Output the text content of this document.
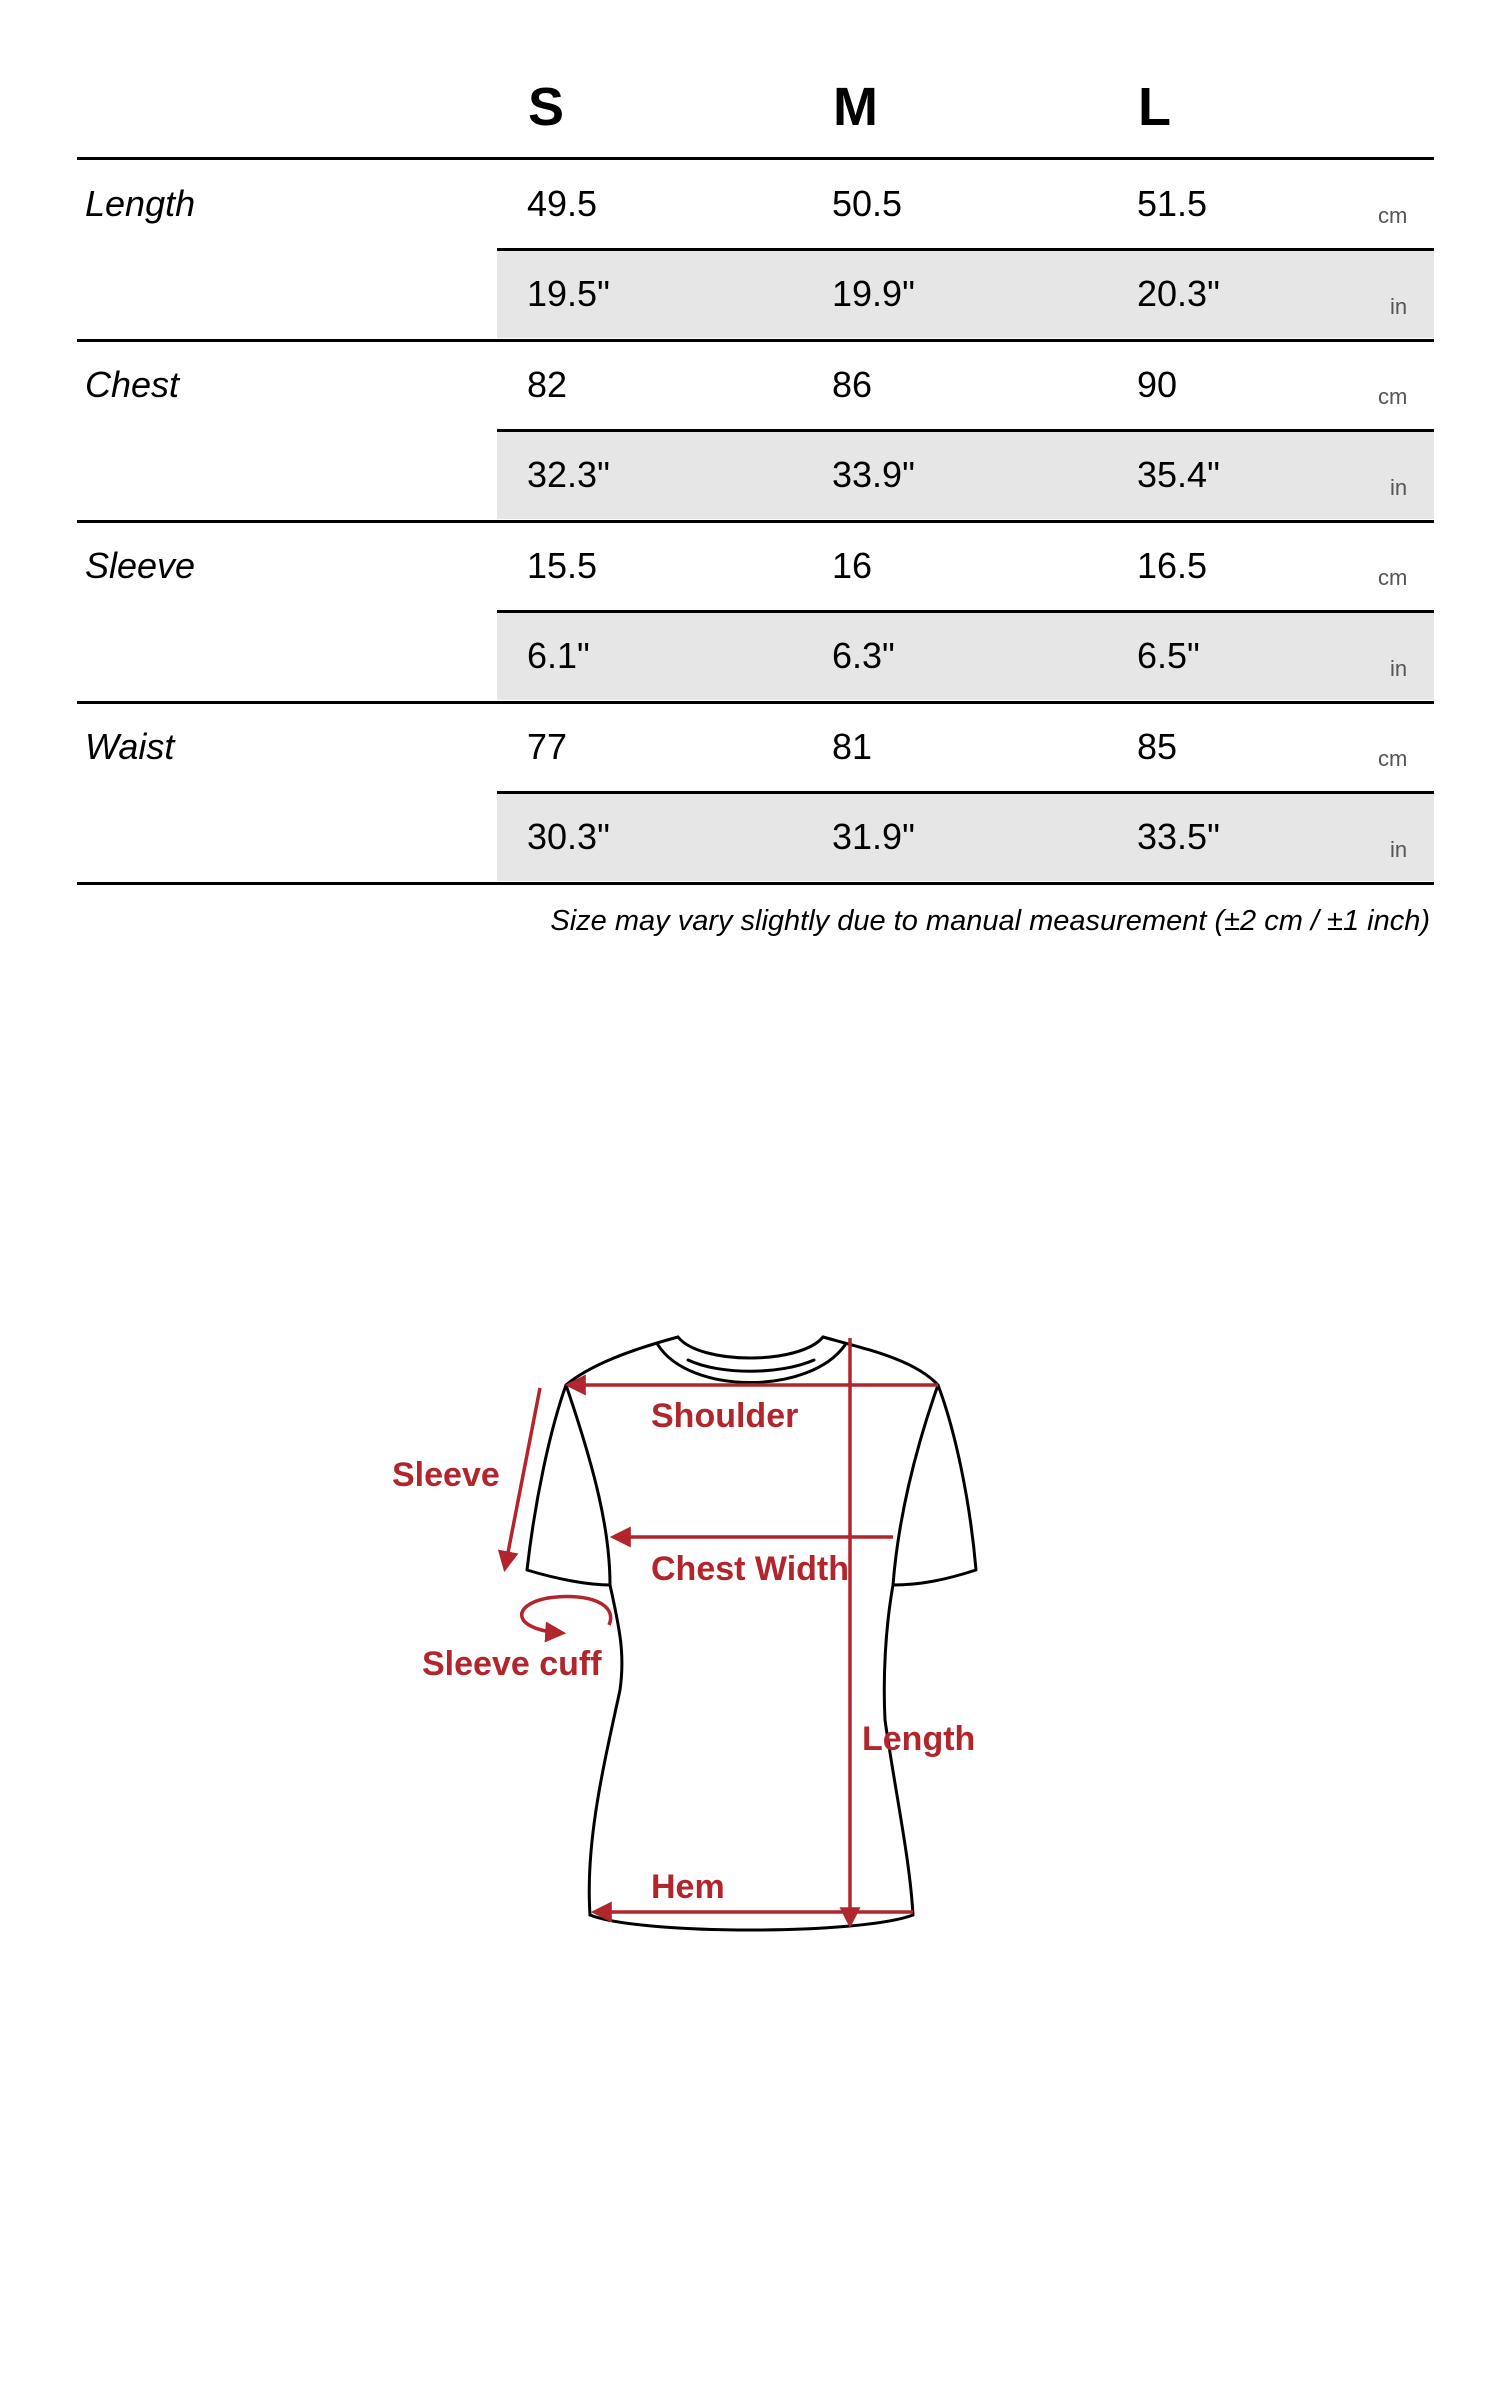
S	M	L
Length	49.5	50.5	51.5	cm
19.5"	19.9"	20.3"	in
Chest	82	86	90	cm
32.3"	33.9"	35.4"	in
Sleeve	15.5	16	16.5	cm
6.1"	6.3"	6.5"	in
Waist	77	81	85	cm
30.3"	31.9"	33.5"	in
Size may vary slightly due to manual measurement (±2 cm / ±1 inch)
Shoulder
Sleeve
Chest Width
Sleeve cuff
Length
Hem
